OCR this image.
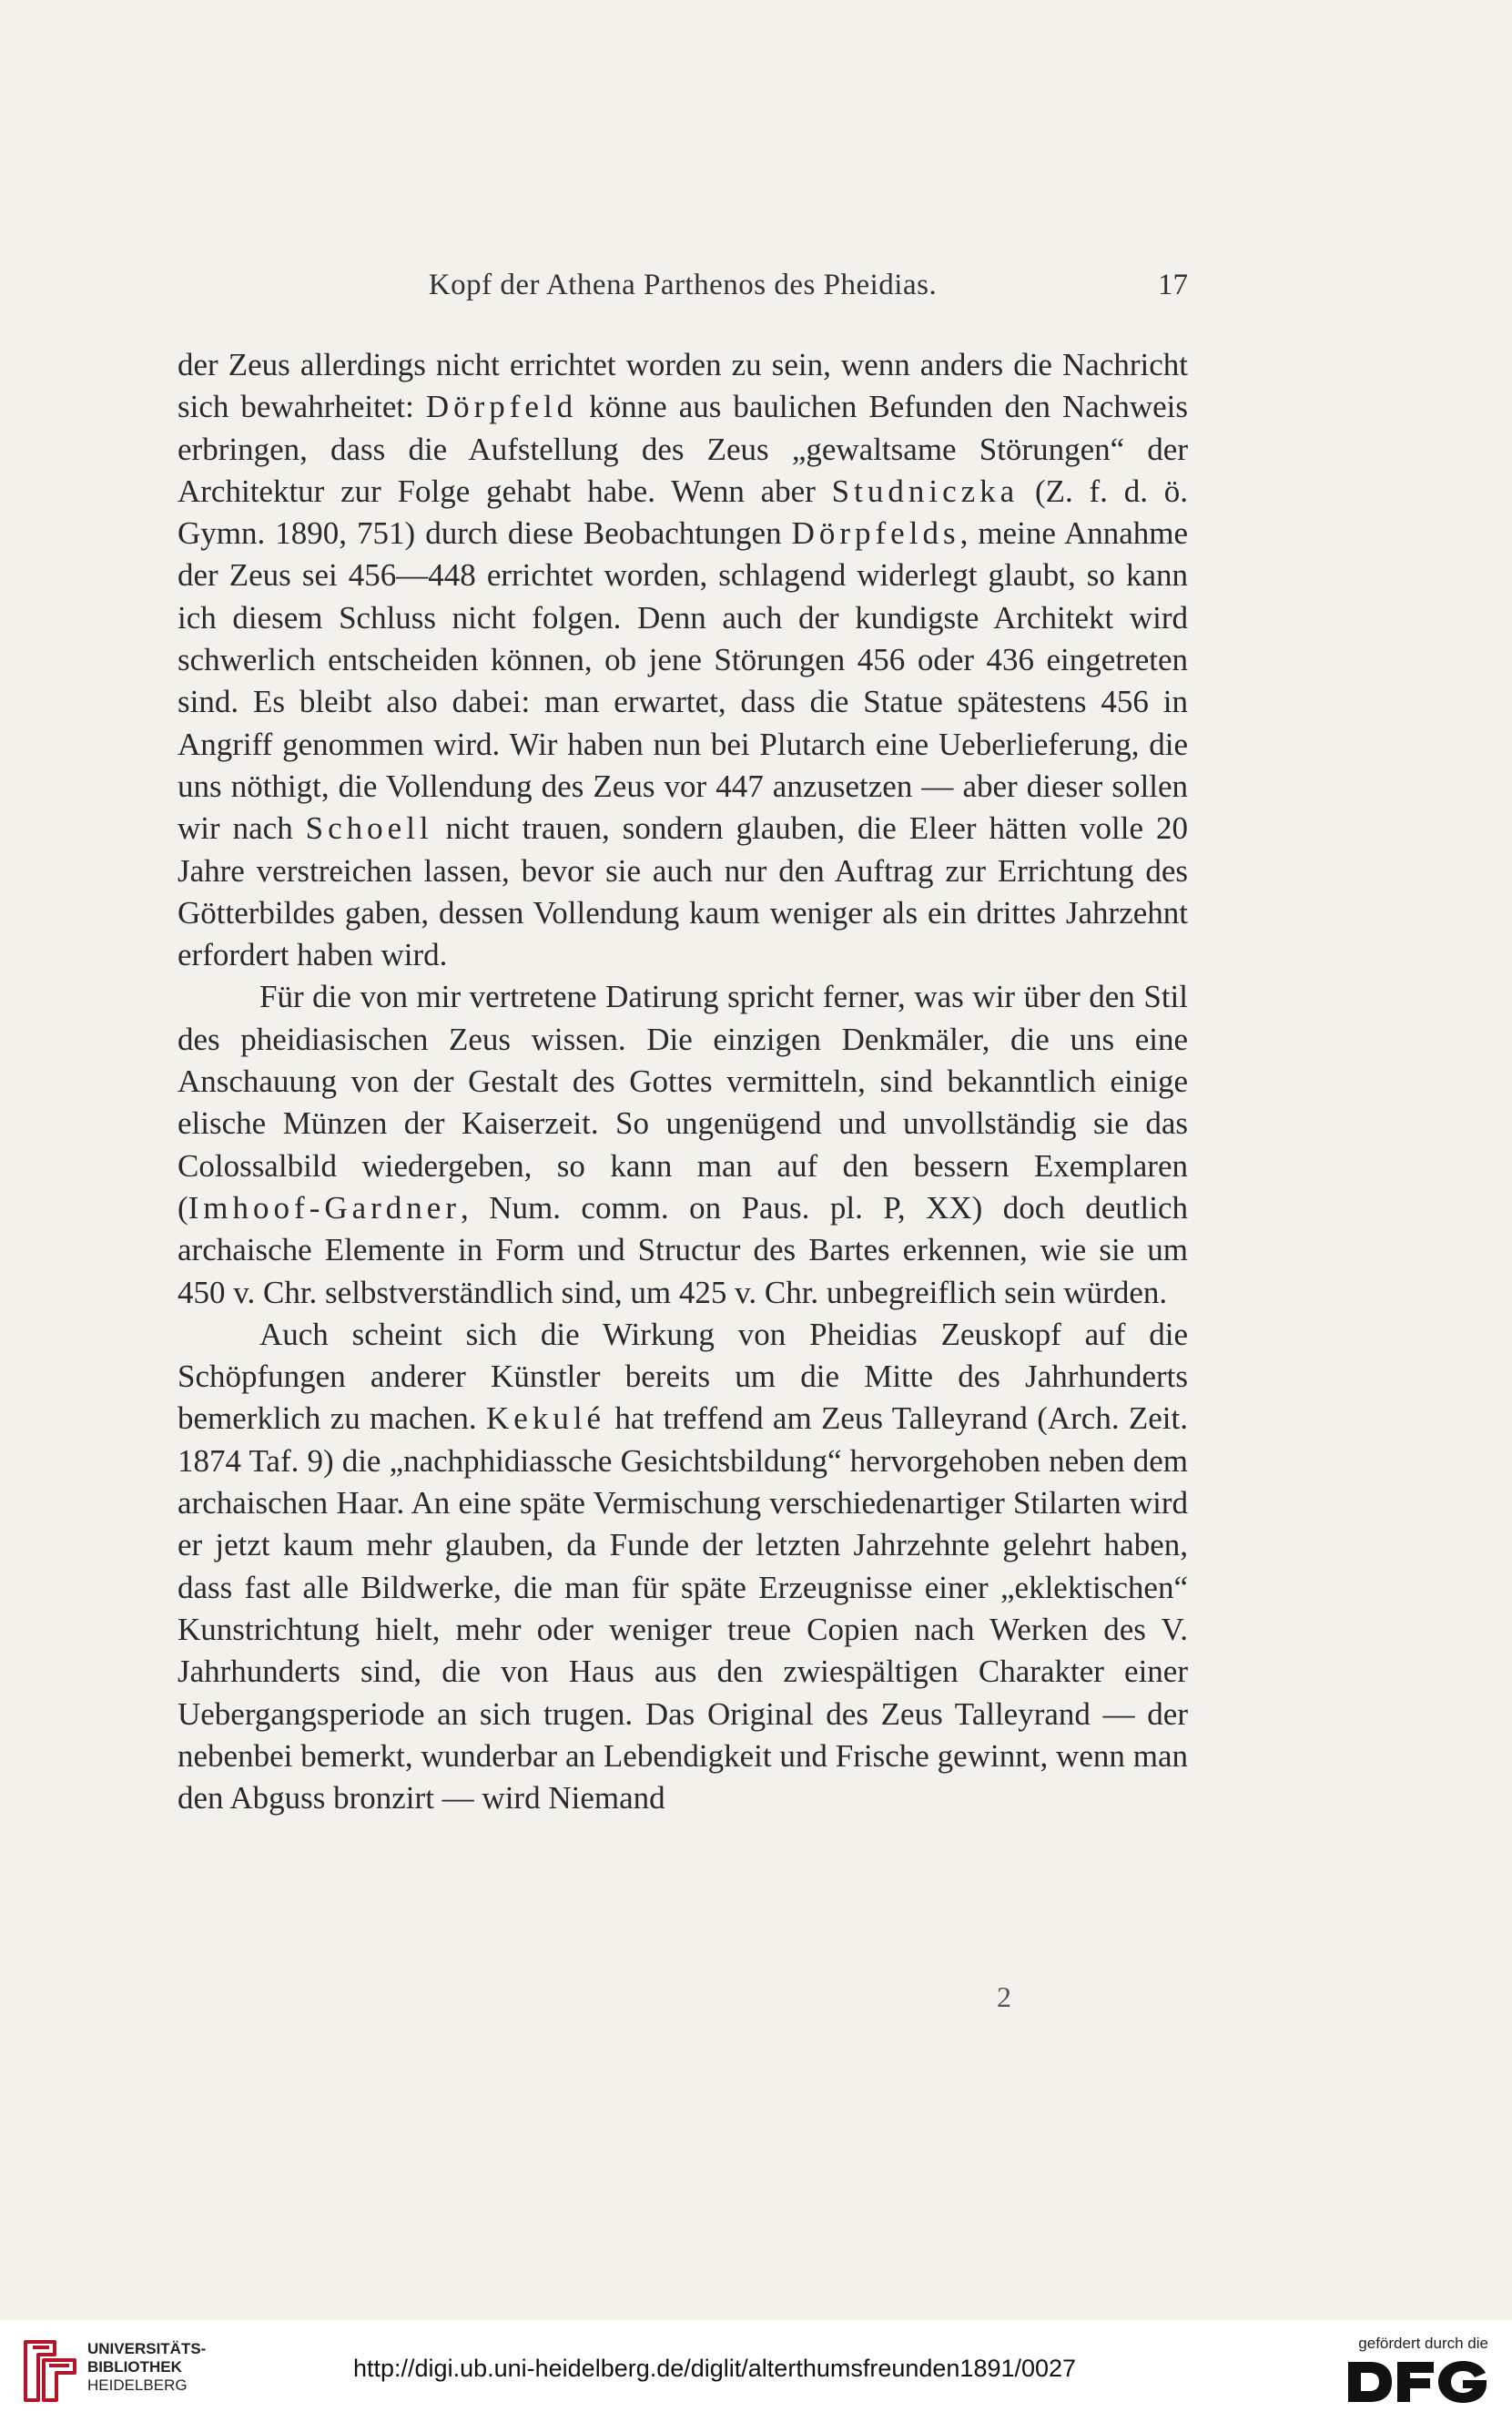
Kopf der Athena Parthenos des Pheidias.	17

der Zeus allerdings nicht errichtet worden zu sein, wenn anders die Nachricht sich bewahrheitet: Dörpfeld könne aus baulichen Befunden den Nachweis erbringen, dass die Aufstellung des Zeus „gewaltsame Störungen“ der Architektur zur Folge gehabt habe. Wenn aber Studniczka (Z. f. d. ö. Gymn. 1890, 751) durch diese Beobachtungen Dörpfelds, meine Annahme der Zeus sei 456—448 errichtet worden, schlagend widerlegt glaubt, so kann ich diesem Schluss nicht folgen. Denn auch der kundigste Architekt wird schwerlich entscheiden können, ob jene Störungen 456 oder 436 eingetreten sind. Es bleibt also dabei: man erwartet, dass die Statue spätestens 456 in Angriff genommen wird. Wir haben nun bei Plutarch eine Ueberlieferung, die uns nöthigt, die Vollendung des Zeus vor 447 anzusetzen — aber dieser sollen wir nach Schoell nicht trauen, sondern glauben, die Eleer hätten volle 20 Jahre verstreichen lassen, bevor sie auch nur den Auftrag zur Errichtung des Götterbildes gaben, dessen Vollendung kaum weniger als ein drittes Jahrzehnt erfordert haben wird.

Für die von mir vertretene Datirung spricht ferner, was wir über den Stil des pheidiasischen Zeus wissen. Die einzigen Denkmäler, die uns eine Anschauung von der Gestalt des Gottes vermitteln, sind bekanntlich einige elische Münzen der Kaiserzeit. So ungenügend und unvollständig sie das Colossalbild wiedergeben, so kann man auf den bessern Exemplaren (Imhoof-Gardner, Num. comm. on Paus. pl. P, XX) doch deutlich archaische Elemente in Form und Structur des Bartes erkennen, wie sie um 450 v. Chr. selbstverständlich sind, um 425 v. Chr. unbegreiflich sein würden.

Auch scheint sich die Wirkung von Pheidias Zeuskopf auf die Schöpfungen anderer Künstler bereits um die Mitte des Jahrhunderts bemerklich zu machen. Kekulé hat treffend am Zeus Talleyrand (Arch. Zeit. 1874 Taf. 9) die „nachphidiassche Gesichtsbildung“ hervorgehoben neben dem archaischen Haar. An eine späte Vermischung verschiedenartiger Stilarten wird er jetzt kaum mehr glauben, da Funde der letzten Jahrzehnte gelehrt haben, dass fast alle Bildwerke, die man für späte Erzeugnisse einer „eklektischen“ Kunstrichtung hielt, mehr oder weniger treue Copien nach Werken des V. Jahrhunderts sind, die von Haus aus den zwiespältigen Charakter einer Uebergangsperiode an sich trugen. Das Original des Zeus Talleyrand — der nebenbei bemerkt, wunderbar an Lebendigkeit und Frische gewinnt, wenn man den Abguss bronzirt — wird Niemand

2
UNIVERSITÄTS-
BIBLIOTHEK
HEIDELBERG
http://digi.ub.uni-heidelberg.de/diglit/alterthumsfreunden1891/0027
gefördert durch die
